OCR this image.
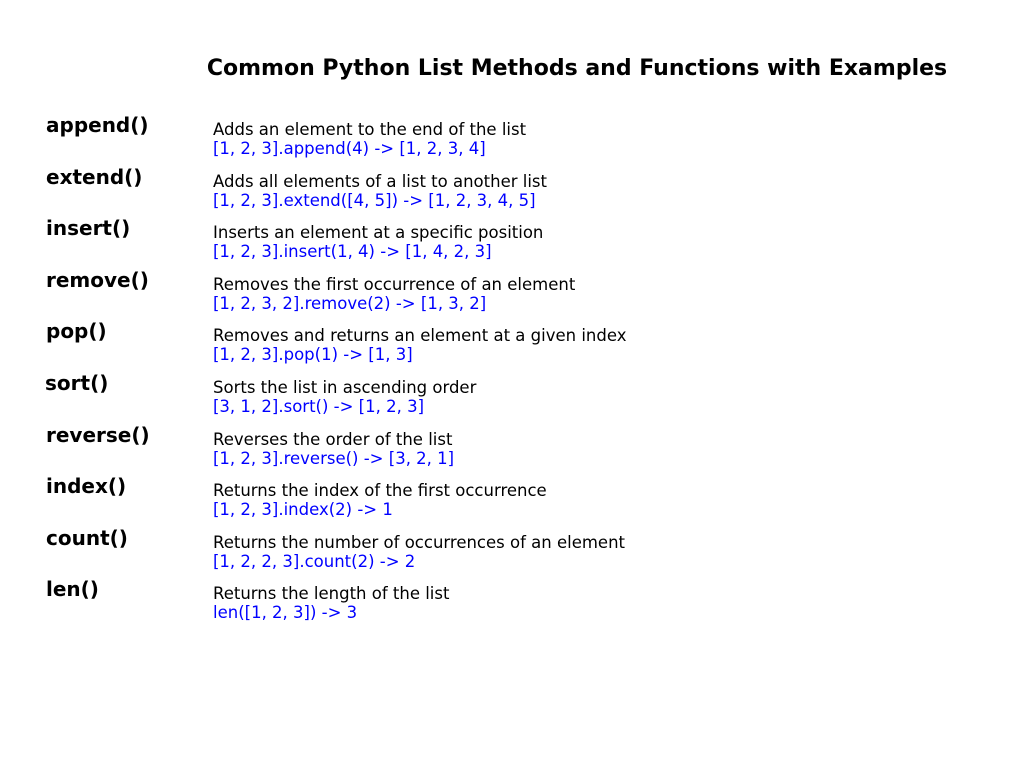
Common Python List Methods and Functions with Examples
append()	Adds an element to the end of the list
[1, 2, 3].append(4) -> [1, 2, 3, 4]
extend()	Adds all elements of a list to another list
[1, 2, 3].extend([4, 5]) -> [1, 2, 3, 4, 5]
insert()	Inserts an element at a specific position
[1, 2, 3].insert(1, 4) -> [1, 4, 2, 3]
remove()	Removes the first occurrence of an element
[1, 2, 3, 2].remove(2) -> [1, 3, 2]
pop()	Removes and returns an element at a given index
[1, 2, 3].pop(1) -> [1, 3]
sort()	Sorts the list in ascending order
[3, 1, 2].sort() -> [1, 2, 3]
reverse()	Reverses the order of the list
[1, 2, 3].reverse() -> [3, 2, 1]
index()	Returns the index of the first occurrence
[1, 2, 3].index(2) -> 1
count()	Returns the number of occurrences of an element
[1, 2, 2, 3].count(2) -> 2
len()	Returns the length of the list
len([1, 2, 3]) -> 3
